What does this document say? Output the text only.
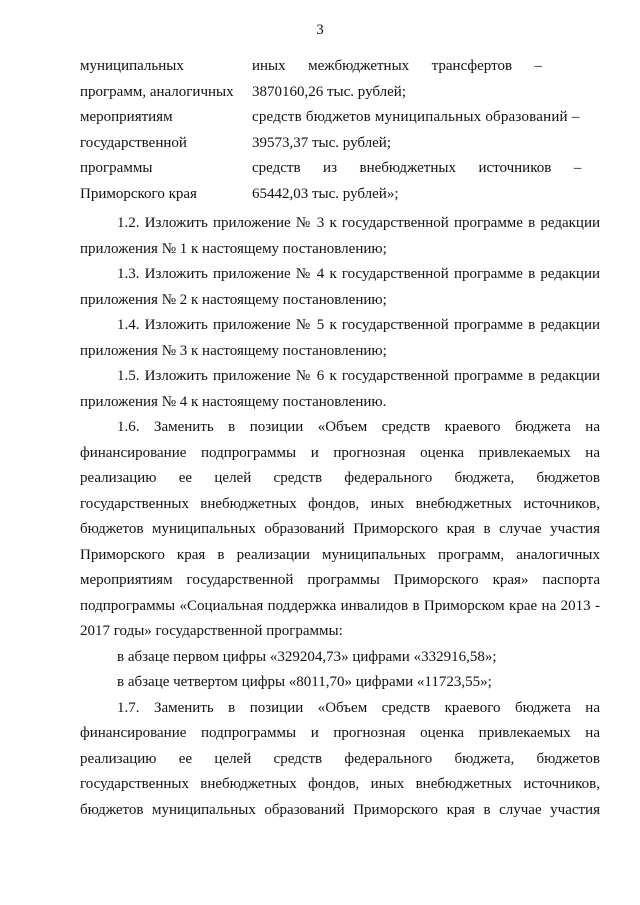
3
муниципальных	иных      межбюджетных      трансфертов      –
программ, аналогичных 3870160,26 тыс. рублей;
мероприятиям	средств бюджетов муниципальных образований –
государственной	39573,37 тыс. рублей;
программы	средств      из      внебюджетных      источников      –
Приморского края	65442,03 тыс. рублей»;

1.2. Изложить приложение № 3 к государственной программе в редакции приложения № 1 к настоящему постановлению;

1.3. Изложить приложение № 4 к государственной программе в редакции приложения № 2 к настоящему постановлению;

1.4. Изложить приложение № 5 к государственной программе в редакции приложения № 3 к настоящему постановлению;

1.5. Изложить приложение № 6 к государственной программе в редакции приложения № 4 к настоящему постановлению.

1.6. Заменить в позиции «Объем средств краевого бюджета на финансирование подпрограммы и прогнозная оценка привлекаемых на реализацию ее целей средств федерального бюджета, бюджетов государственных внебюджетных фондов, иных внебюджетных источников, бюджетов муниципальных образований Приморского края в случае участия Приморского края в реализации муниципальных программ, аналогичных мероприятиям государственной программы Приморского края» паспорта подпрограммы «Социальная поддержка инвалидов в Приморском крае на 2013 - 2017 годы» государственной программы:

в абзаце первом цифры «329204,73» цифрами «332916,58»;

в абзаце четвертом цифры «8011,70» цифрами «11723,55»;

1.7. Заменить в позиции «Объем средств краевого бюджета на финансирование подпрограммы и прогнозная оценка привлекаемых на реализацию ее целей средств федерального бюджета, бюджетов государственных внебюджетных фондов, иных внебюджетных источников, бюджетов муниципальных образований Приморского края в случае участия
